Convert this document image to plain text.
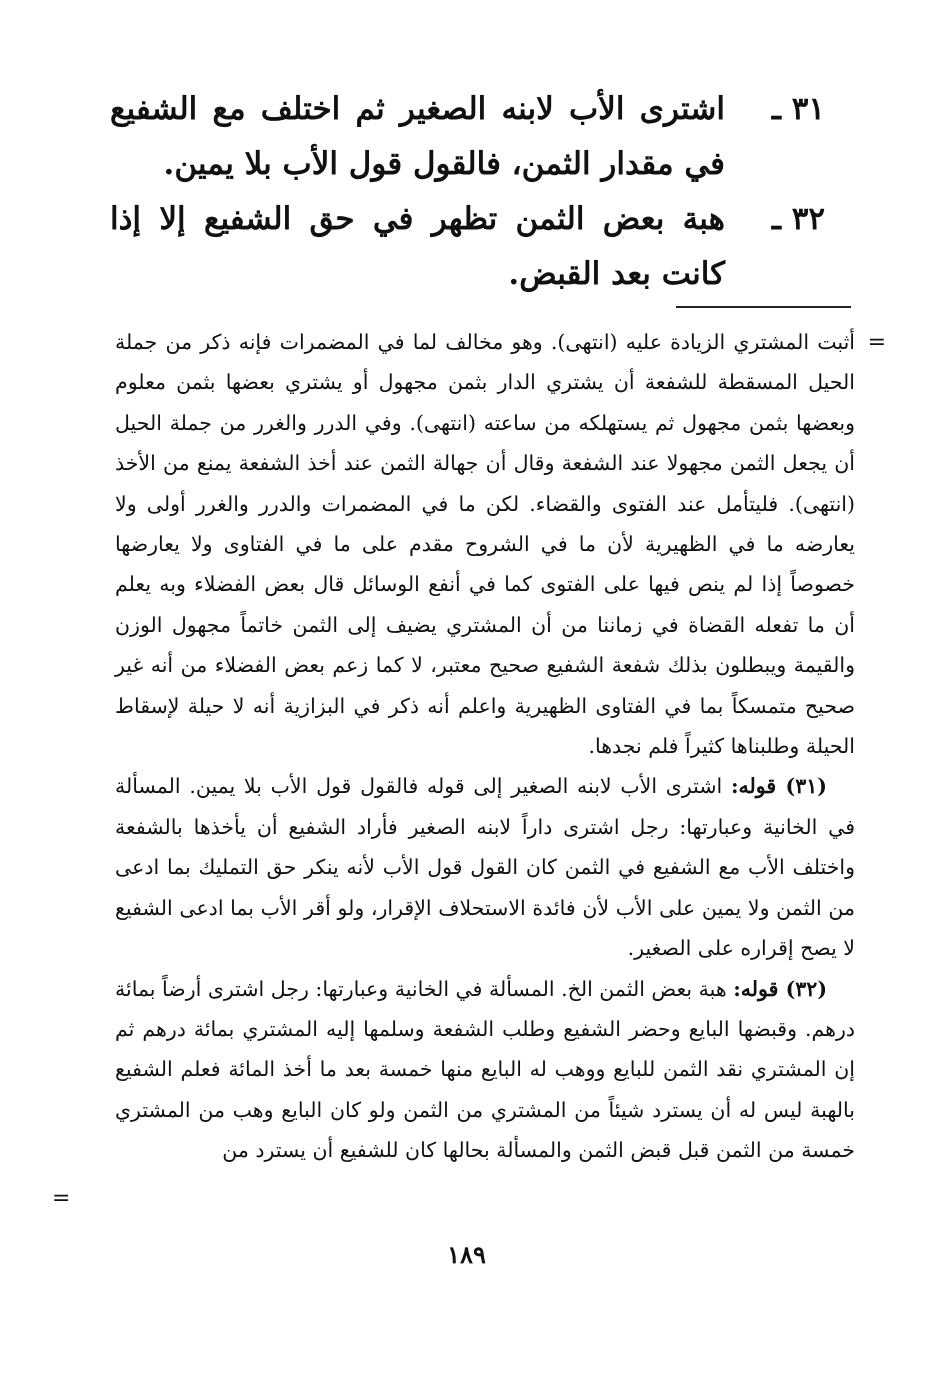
٣١ ـ
اشترى الأب لابنه الصغير ثم اختلف مع الشفيع في مقدار الثمن، فالقول قول الأب بلا يمين.

٣٢ ـ
هبة بعض الثمن تظهر في حق الشفيع إلا إذا كانت بعد القبض.

=

أثبت المشتري الزيادة عليه (انتهى). وهو مخالف لما في المضمرات فإنه ذكر من جملة الحيل المسقطة للشفعة أن يشتري الدار بثمن مجهول أو يشتري بعضها بثمن معلوم وبعضها بثمن مجهول ثم يستهلكه من ساعته (انتهى). وفي الدرر والغرر من جملة الحيل أن يجعل الثمن مجهولا عند الشفعة وقال أن جهالة الثمن عند أخذ الشفعة يمنع من الأخذ (انتهى). فليتأمل عند الفتوى والقضاء. لكن ما في المضمرات والدرر والغرر أولى ولا يعارضه ما في الظهيرية لأن ما في الشروح مقدم على ما في الفتاوى ولا يعارضها خصوصاً إذا لم ينص فيها على الفتوى كما في أنفع الوسائل قال بعض الفضلاء وبه يعلم أن ما تفعله القضاة في زماننا من أن المشتري يضيف إلى الثمن خاتماً مجهول الوزن والقيمة ويبطلون بذلك شفعة الشفيع صحيح معتبر، لا كما زعم بعض الفضلاء من أنه غير صحيح متمسكاً بما في الفتاوى الظهيرية واعلم أنه ذكر في البزازية أنه لا حيلة لإسقاط الحيلة وطلبناها كثيراً فلم نجدها.

(٣١) قوله: اشترى الأب لابنه الصغير إلى قوله فالقول قول الأب بلا يمين. المسألة في الخانية وعبارتها: رجل اشترى داراً لابنه الصغير فأراد الشفيع أن يأخذها بالشفعة واختلف الأب مع الشفيع في الثمن كان القول قول الأب لأنه ينكر حق التمليك بما ادعى من الثمن ولا يمين على الأب لأن فائدة الاستحلاف الإقرار، ولو أقر الأب بما ادعى الشفيع لا يصح إقراره على الصغير.

(٣٢) قوله: هبة بعض الثمن الخ. المسألة في الخانية وعبارتها: رجل اشترى أرضاً بمائة درهم. وقبضها البايع وحضر الشفيع وطلب الشفعة وسلمها إليه المشتري بمائة درهم ثم إن المشتري نقد الثمن للبايع ووهب له البايع منها خمسة بعد ما أخذ المائة فعلم الشفيع بالهبة ليس له أن يسترد شيئاً من المشتري من الثمن ولو كان البايع وهب من المشتري خمسة من الثمن قبل قبض الثمن والمسألة بحالها كان للشفيع أن يسترد من

=
١٨٩
